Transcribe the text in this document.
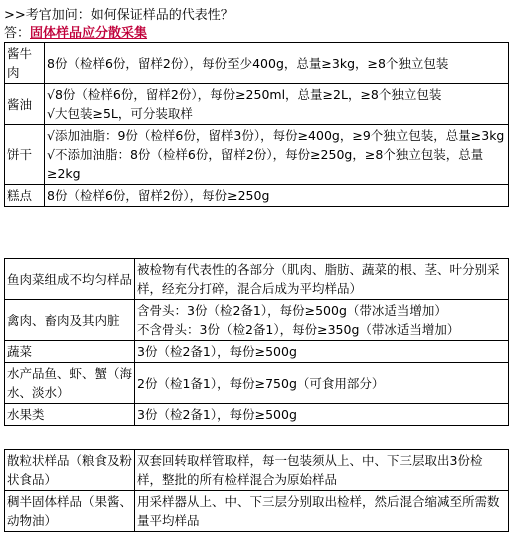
>>考官加问：如何保证样品的代表性？
答：固体样品应分散采集
酱牛肉	8份（检样6份，留样2份），每份至少400g，总量≥3kg，≥8个独立包装

酱油	√8份（检样6份，留样2份），每份≥250ml，总量≥2L，≥8个独立包装
√大包装≥5L，可分装取样

饼干	√添加油脂：9份（检样6份，留样3份），每份≥400g，≥9个独立包装，总量≥3kg
√不添加油脂：8份（检样6份，留样2份），每份≥250g，≥8个独立包装，总量≥2kg

糕点	8份（检样6份，留样2份），每份≥250g
鱼肉菜组成不均匀样品	被检物有代表性的各部分（肌肉、脂肪、蔬菜的根、茎、叶分别采样，经充分打碎，混合后成为平均样品）

禽肉、畜肉及其内脏	含骨头：3份（检2备1），每份≥500g（带冰适当增加）
不含骨头：3份（检2备1），每份≥350g（带冰适当增加）

蔬菜	3份（检2备1），每份≥500g

水产品鱼、虾、蟹（海水、淡水）	2份（检1备1），每份≥750g（可食用部分）

水果类	3份（检2备1），每份≥500g
散粒状样品（粮食及粉状食品）	双套回转取样管取样，每一包装须从上、中、下三层取出3份检样，整批的所有检样混合为原始样品

稠半固体样品（果酱、动物油）	用采样器从上、中、下三层分别取出检样，然后混合缩减至所需数量平均样品
